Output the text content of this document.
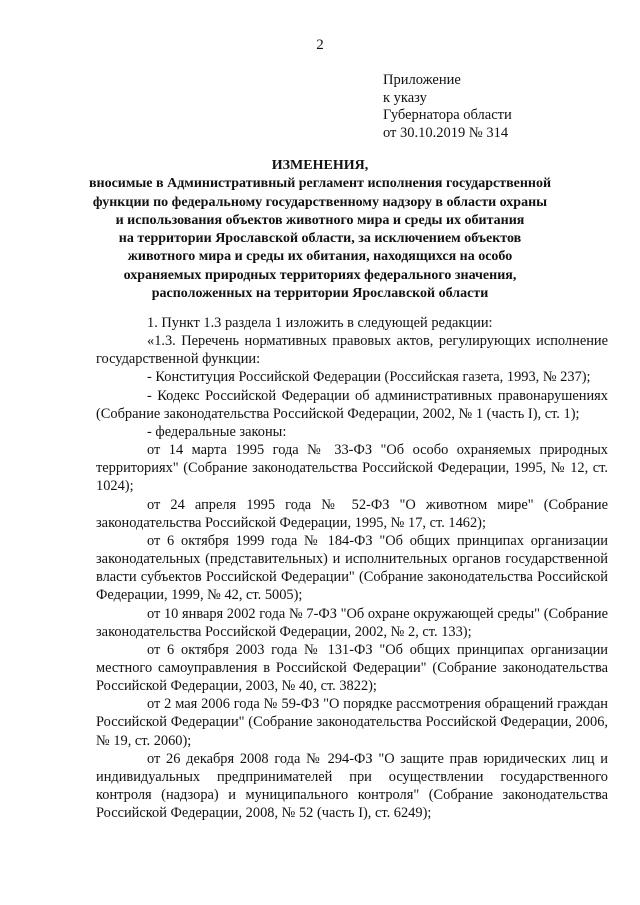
2
Приложение
к указу
Губернатора области
от 30.10.2019 № 314
ИЗМЕНЕНИЯ,
вносимые в Административный регламент исполнения государственной
функции по федеральному государственному надзору в области охраны
и использования объектов животного мира и среды их обитания
на территории Ярославской области, за исключением объектов
животного мира и среды их обитания, находящихся на особо
охраняемых природных территориях федерального значения,
расположенных на территории Ярославской области

1. Пункт 1.3 раздела 1 изложить в следующей редакции:

«1.3. Перечень нормативных правовых актов, регулирующих исполнение государственной функции:

- Конституция Российской Федерации (Российская газета, 1993, № 237);

- Кодекс Российской Федерации об административных правонарушениях (Собрание законодательства Российской Федерации, 2002, № 1 (часть I), ст. 1);

- федеральные законы:

от 14 марта 1995 года № 33-ФЗ "Об особо охраняемых природных территориях" (Собрание законодательства Российской Федерации, 1995, № 12, ст. 1024);

от 24 апреля 1995 года № 52-ФЗ "О животном мире" (Собрание законодательства Российской Федерации, 1995, № 17, ст. 1462);

от 6 октября 1999 года № 184-ФЗ "Об общих принципах организации законодательных (представительных) и исполнительных органов государственной власти субъектов Российской Федерации" (Собрание законодательства Российской Федерации, 1999, № 42, ст. 5005);

от 10 января 2002 года № 7-ФЗ "Об охране окружающей среды" (Собрание законодательства Российской Федерации, 2002, № 2, ст. 133);

от 6 октября 2003 года № 131-ФЗ "Об общих принципах организации местного самоуправления в Российской Федерации" (Собрание законодательства Российской Федерации, 2003, № 40, ст. 3822);

от 2 мая 2006 года № 59-ФЗ "О порядке рассмотрения обращений граждан Российской Федерации" (Собрание законодательства Российской Федерации, 2006, № 19, ст. 2060);

от 26 декабря 2008 года № 294-ФЗ "О защите прав юридических лиц и индивидуальных предпринимателей при осуществлении государственного контроля (надзора) и муниципального контроля" (Собрание законодательства Российской Федерации, 2008, № 52 (часть I), ст. 6249);
